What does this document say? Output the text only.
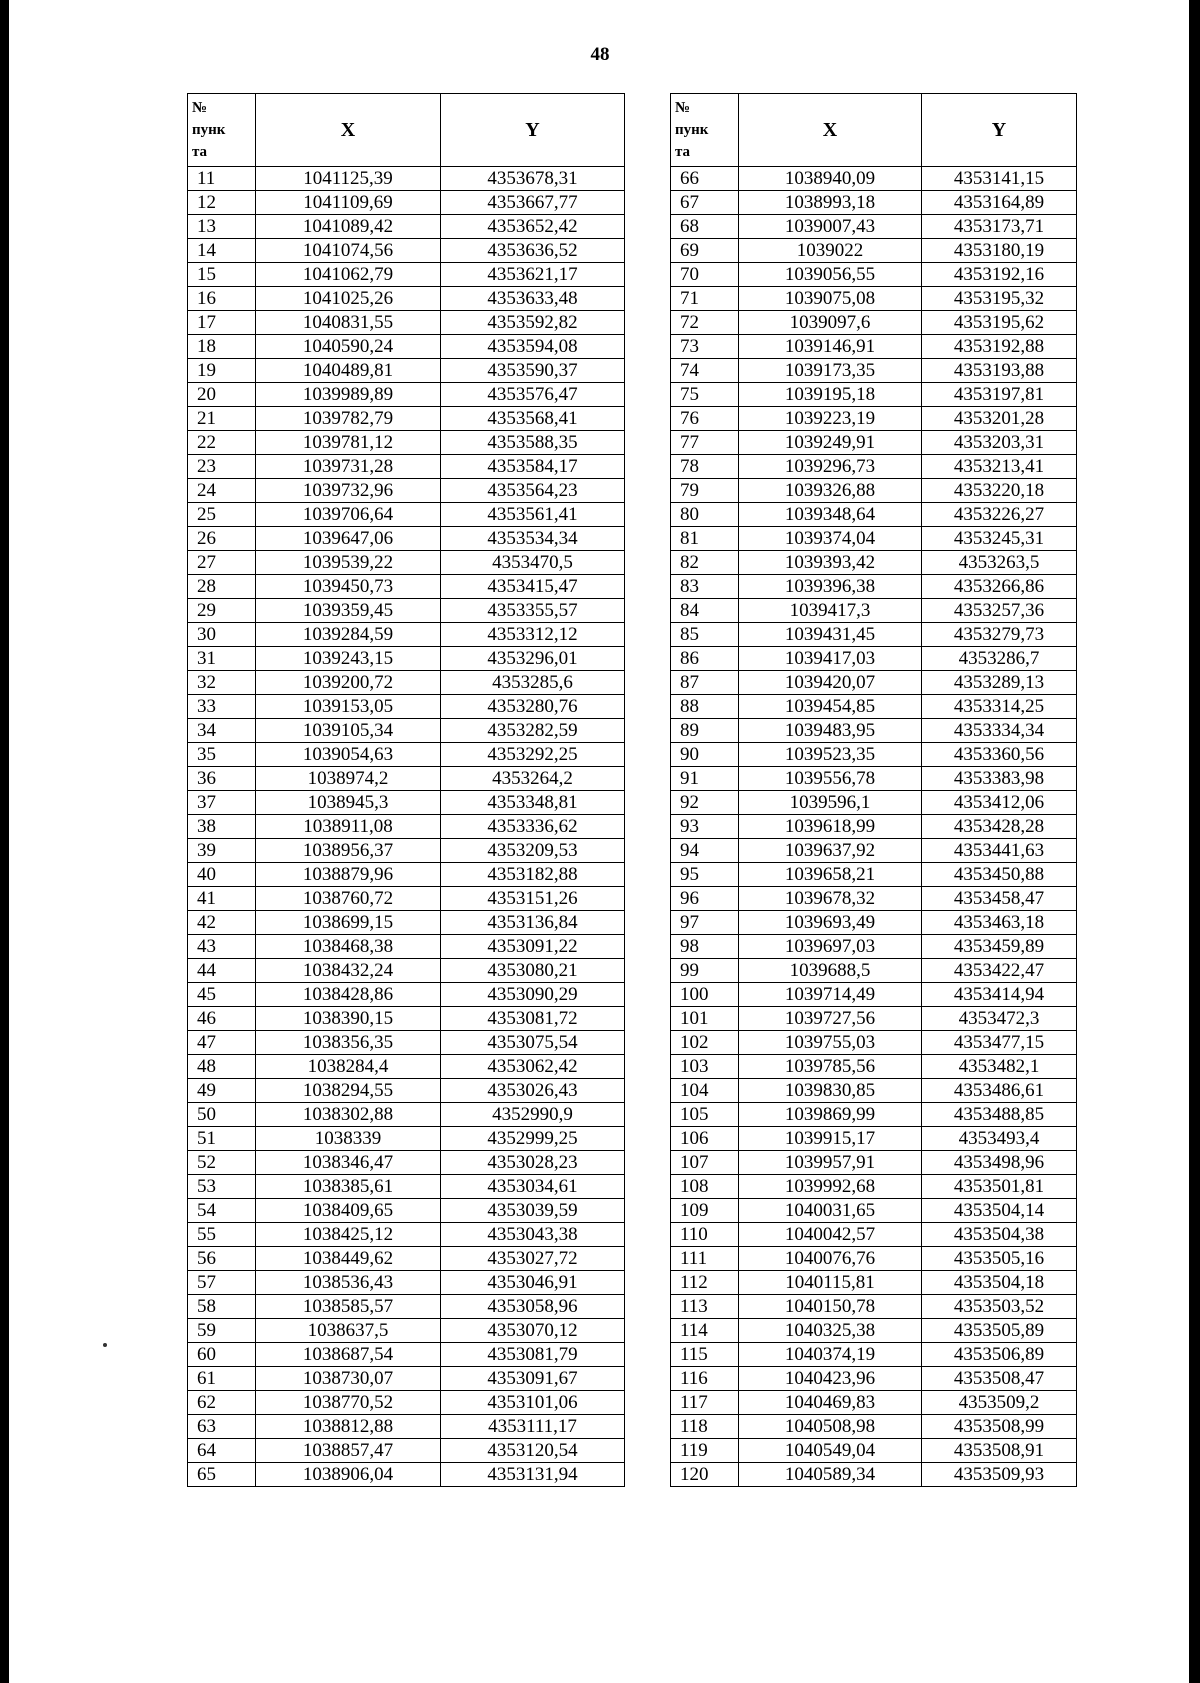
48
№
пунк
та	X	Y
11	1041125,39	4353678,31
12	1041109,69	4353667,77
13	1041089,42	4353652,42
14	1041074,56	4353636,52
15	1041062,79	4353621,17
16	1041025,26	4353633,48
17	1040831,55	4353592,82
18	1040590,24	4353594,08
19	1040489,81	4353590,37
20	1039989,89	4353576,47
21	1039782,79	4353568,41
22	1039781,12	4353588,35
23	1039731,28	4353584,17
24	1039732,96	4353564,23
25	1039706,64	4353561,41
26	1039647,06	4353534,34
27	1039539,22	4353470,5
28	1039450,73	4353415,47
29	1039359,45	4353355,57
30	1039284,59	4353312,12
31	1039243,15	4353296,01
32	1039200,72	4353285,6
33	1039153,05	4353280,76
34	1039105,34	4353282,59
35	1039054,63	4353292,25
36	1038974,2	4353264,2
37	1038945,3	4353348,81
38	1038911,08	4353336,62
39	1038956,37	4353209,53
40	1038879,96	4353182,88
41	1038760,72	4353151,26
42	1038699,15	4353136,84
43	1038468,38	4353091,22
44	1038432,24	4353080,21
45	1038428,86	4353090,29
46	1038390,15	4353081,72
47	1038356,35	4353075,54
48	1038284,4	4353062,42
49	1038294,55	4353026,43
50	1038302,88	4352990,9
51	1038339	4352999,25
52	1038346,47	4353028,23
53	1038385,61	4353034,61
54	1038409,65	4353039,59
55	1038425,12	4353043,38
56	1038449,62	4353027,72
57	1038536,43	4353046,91
58	1038585,57	4353058,96
59	1038637,5	4353070,12
60	1038687,54	4353081,79
61	1038730,07	4353091,67
62	1038770,52	4353101,06
63	1038812,88	4353111,17
64	1038857,47	4353120,54
65	1038906,04	4353131,94
№
пунк
та	X	Y
66	1038940,09	4353141,15
67	1038993,18	4353164,89
68	1039007,43	4353173,71
69	1039022	4353180,19
70	1039056,55	4353192,16
71	1039075,08	4353195,32
72	1039097,6	4353195,62
73	1039146,91	4353192,88
74	1039173,35	4353193,88
75	1039195,18	4353197,81
76	1039223,19	4353201,28
77	1039249,91	4353203,31
78	1039296,73	4353213,41
79	1039326,88	4353220,18
80	1039348,64	4353226,27
81	1039374,04	4353245,31
82	1039393,42	4353263,5
83	1039396,38	4353266,86
84	1039417,3	4353257,36
85	1039431,45	4353279,73
86	1039417,03	4353286,7
87	1039420,07	4353289,13
88	1039454,85	4353314,25
89	1039483,95	4353334,34
90	1039523,35	4353360,56
91	1039556,78	4353383,98
92	1039596,1	4353412,06
93	1039618,99	4353428,28
94	1039637,92	4353441,63
95	1039658,21	4353450,88
96	1039678,32	4353458,47
97	1039693,49	4353463,18
98	1039697,03	4353459,89
99	1039688,5	4353422,47
100	1039714,49	4353414,94
101	1039727,56	4353472,3
102	1039755,03	4353477,15
103	1039785,56	4353482,1
104	1039830,85	4353486,61
105	1039869,99	4353488,85
106	1039915,17	4353493,4
107	1039957,91	4353498,96
108	1039992,68	4353501,81
109	1040031,65	4353504,14
110	1040042,57	4353504,38
111	1040076,76	4353505,16
112	1040115,81	4353504,18
113	1040150,78	4353503,52
114	1040325,38	4353505,89
115	1040374,19	4353506,89
116	1040423,96	4353508,47
117	1040469,83	4353509,2
118	1040508,98	4353508,99
119	1040549,04	4353508,91
120	1040589,34	4353509,93
